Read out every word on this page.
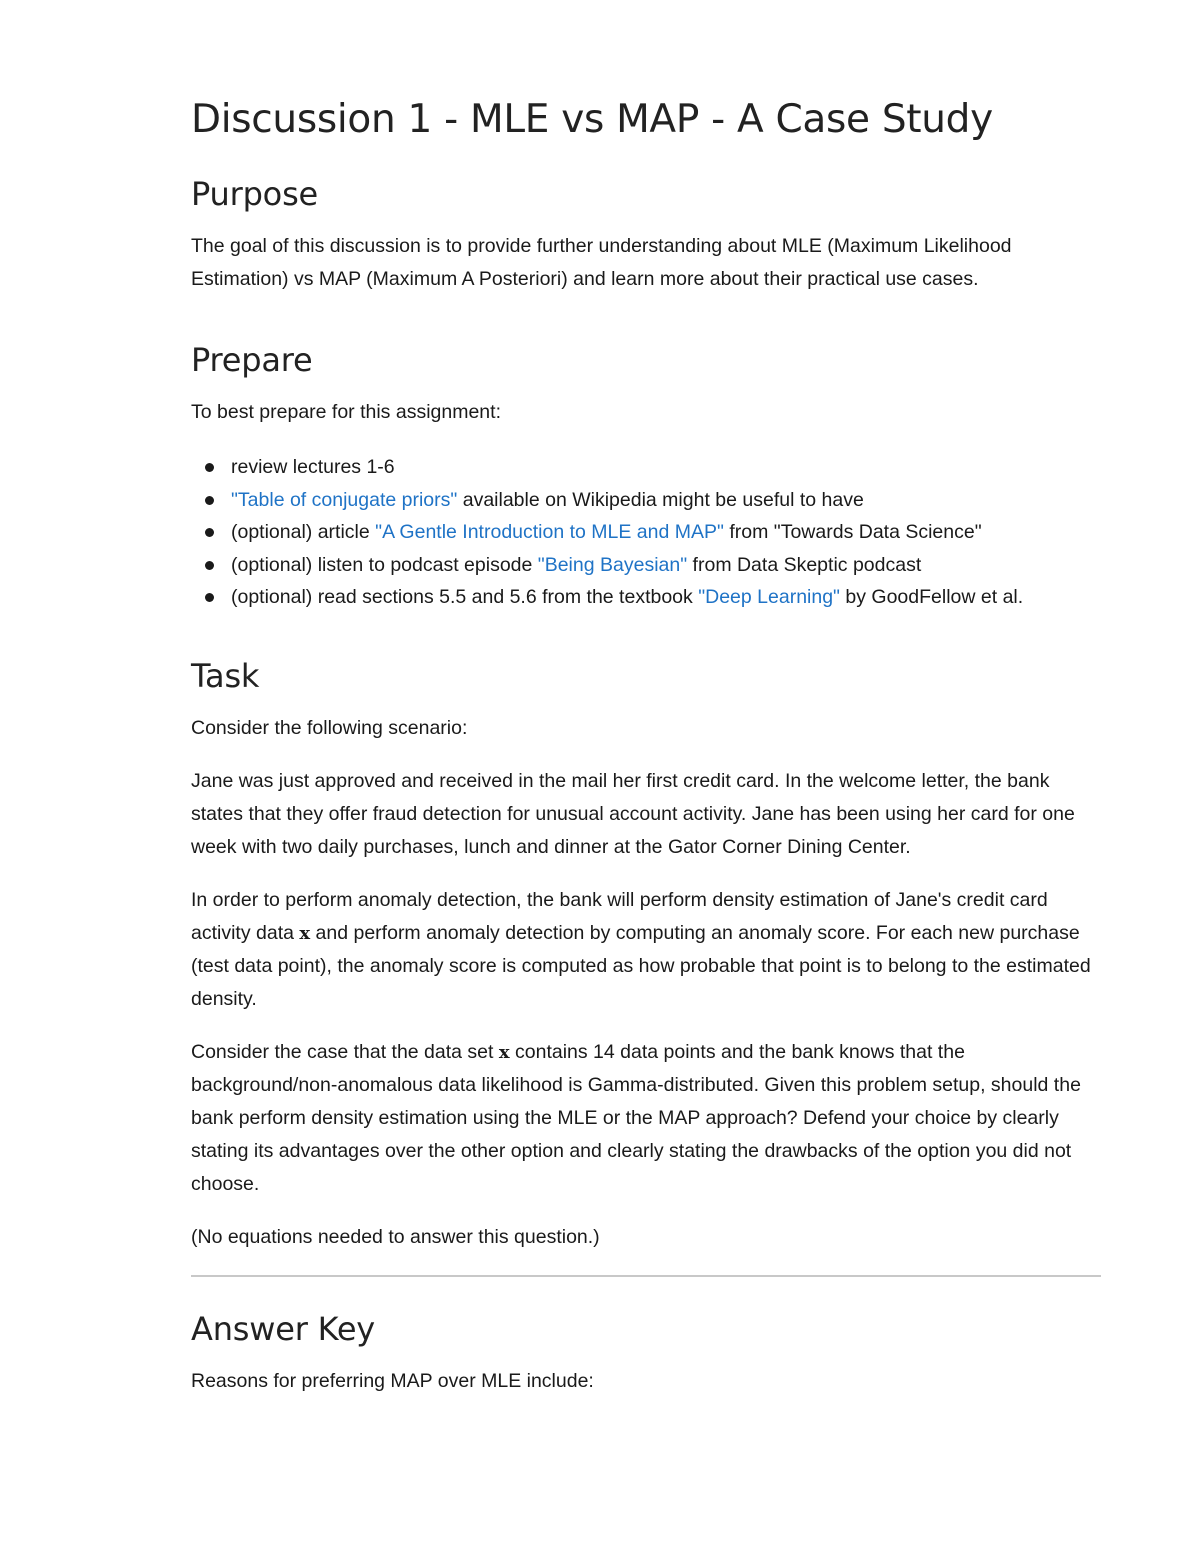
Discussion 1 - MLE vs MAP - A Case Study
Purpose

The goal of this discussion is to provide further understanding about MLE (Maximum Likelihood Estimation) vs MAP (Maximum A Posteriori) and learn more about their practical use cases.

Prepare

To best prepare for this assignment:

review lectures 1-6
"Table of conjugate priors" available on Wikipedia might be useful to have
(optional) article "A Gentle Introduction to MLE and MAP" from "Towards Data Science"
(optional) listen to podcast episode "Being Bayesian" from Data Skeptic podcast
(optional) read sections 5.5 and 5.6 from the textbook "Deep Learning" by GoodFellow et al.
Task

Consider the following scenario:

Jane was just approved and received in the mail her first credit card. In the welcome letter, the bank states that they offer fraud detection for unusual account activity. Jane has been using her card for one week with two daily purchases, lunch and dinner at the Gator Corner Dining Center.

In order to perform anomaly detection, the bank will perform density estimation of Jane's credit card activity data x and perform anomaly detection by computing an anomaly score. For each new purchase (test data point), the anomaly score is computed as how probable that point is to belong to the estimated density.

Consider the case that the data set x contains 14 data points and the bank knows that the background/non-anomalous data likelihood is Gamma-distributed. Given this problem setup, should the bank perform density estimation using the MLE or the MAP approach? Defend your choice by clearly stating its advantages over the other option and clearly stating the drawbacks of the option you did not choose.

(No equations needed to answer this question.)

Answer Key

Reasons for preferring MAP over MLE include:
